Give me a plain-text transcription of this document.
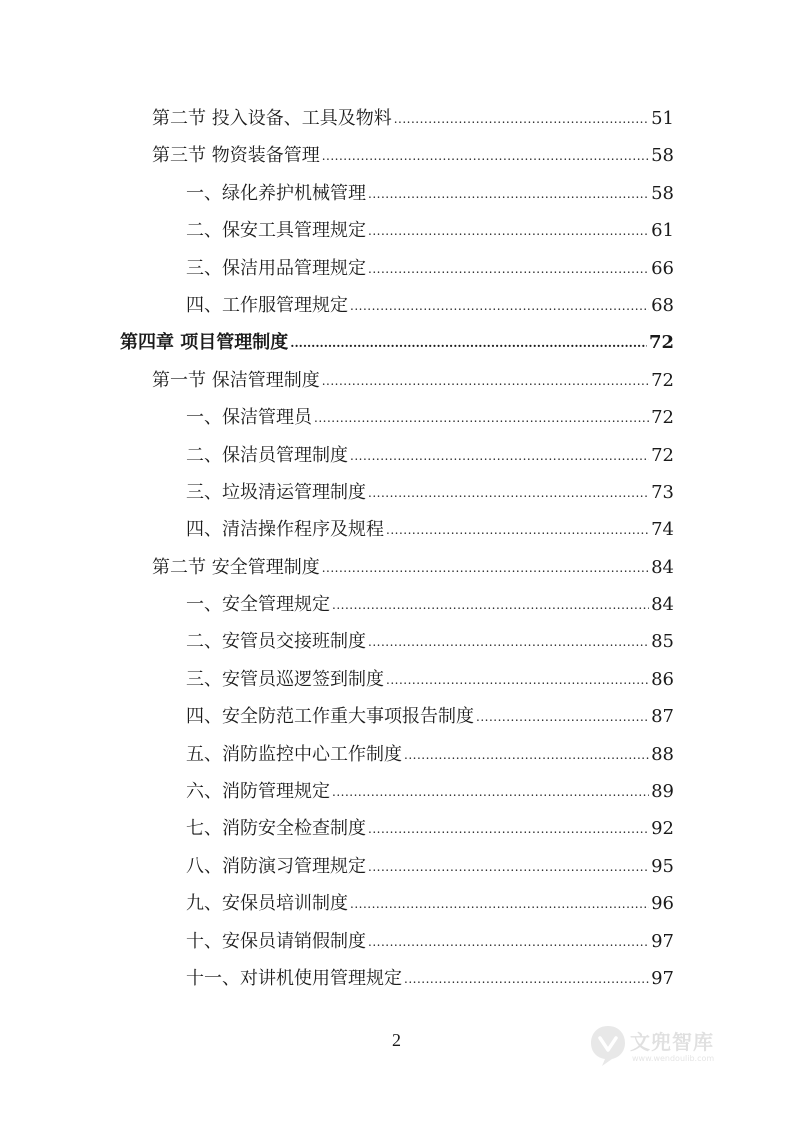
第二节 投入设备、工具及物料 .....	51
第三节 物资装备管理 .....	58
一、绿化养护机械管理 .....	58
二、保安工具管理规定 .....	61
三、保洁用品管理规定 .....	66
四、工作服管理规定 .....	68
第四章 项目管理制度 .....	72
第一节 保洁管理制度 .....	72
一、保洁管理员 .....	72
二、保洁员管理制度 .....	72
三、垃圾清运管理制度 .....	73
四、清洁操作程序及规程 .....	74
第二节 安全管理制度 .....	84
一、安全管理规定 .....	84
二、安管员交接班制度 .....	85
三、安管员巡逻签到制度 .....	86
四、安全防范工作重大事项报告制度 .....	87
五、消防监控中心工作制度 .....	88
六、消防管理规定 .....	89
七、消防安全检查制度 .....	92
八、消防演习管理规定 .....	95
九、安保员培训制度 .....	96
十、安保员请销假制度 .....	97
十一、对讲机使用管理规定 .....	97
2	文兜智库
www.wendoulib.com
